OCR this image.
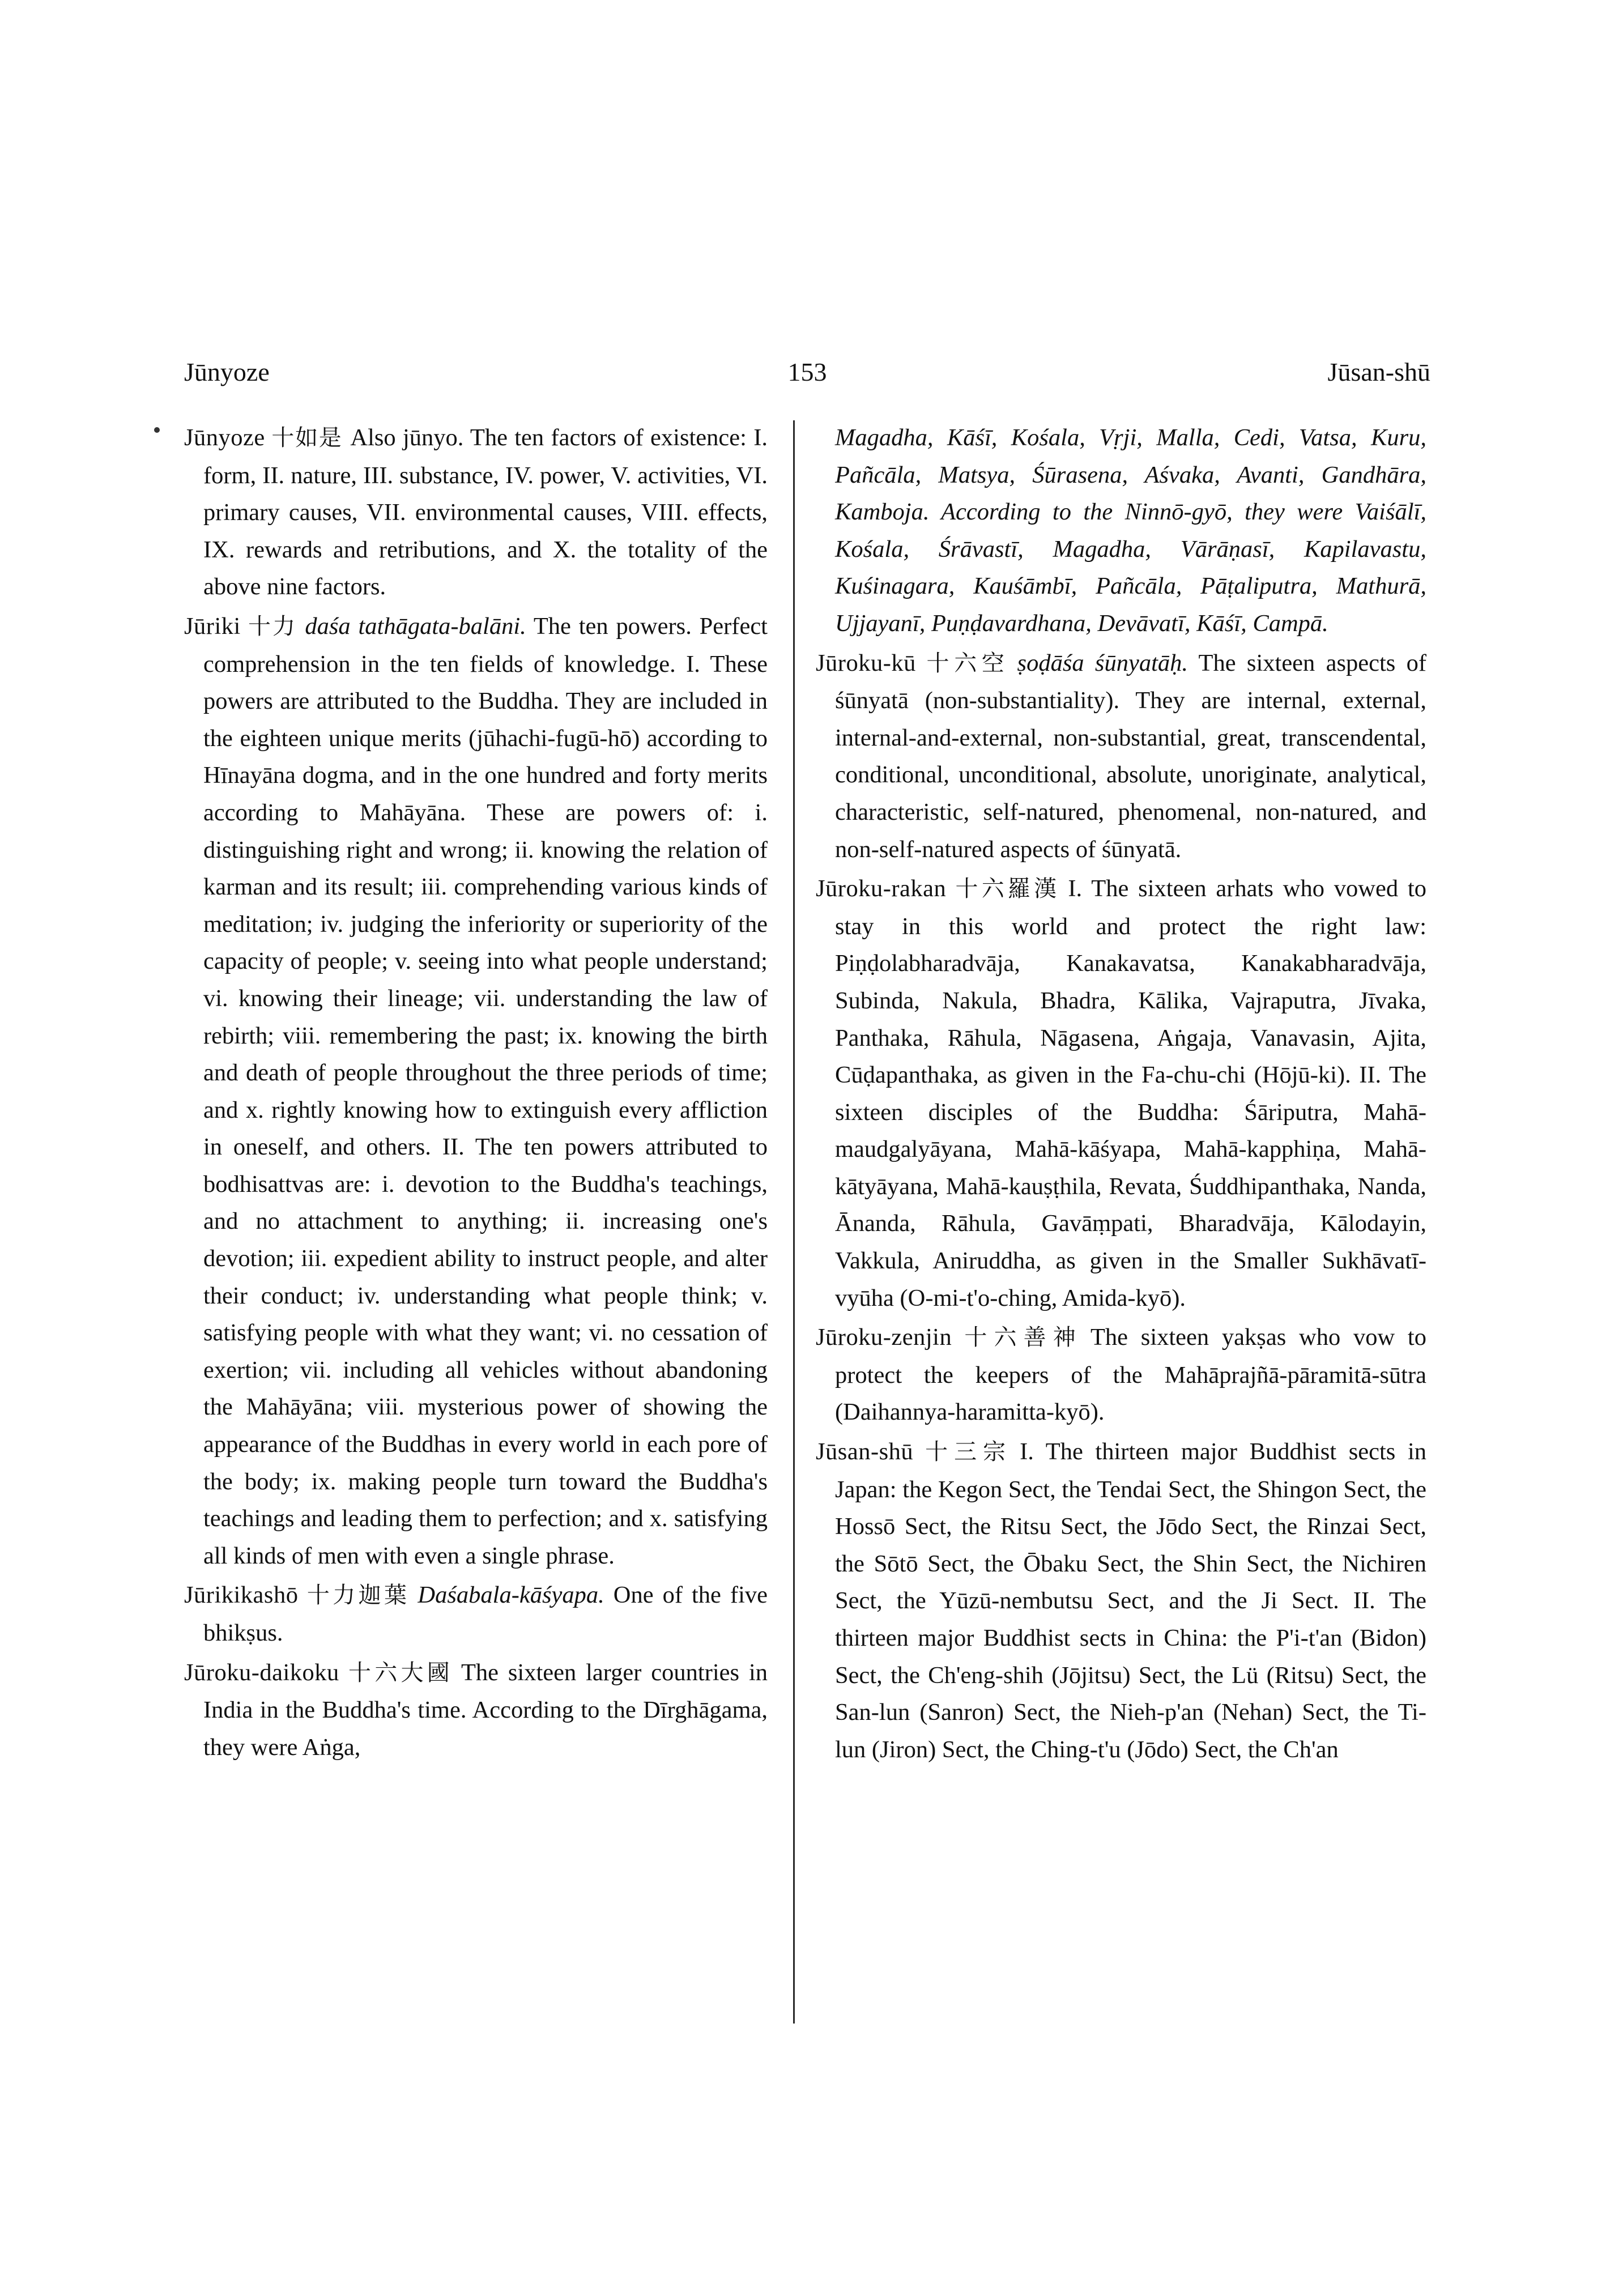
Jūnyoze	153	Jūsan-shū

Jūnyoze 十如是 Also jūnyo. The ten factors of existence: I. form, II. nature, III. substance, IV. power, V. activities, VI. primary causes, VII. environmental causes, VIII. effects, IX. rewards and retributions, and X. the totality of the above nine factors.

Jūriki 十力 daśa tathāgata-balāni. The ten powers. Perfect comprehension in the ten fields of knowledge. I. These powers are attributed to the Buddha. They are included in the eighteen unique merits (jūhachi-fugū-hō) according to Hīnayāna dogma, and in the one hundred and forty merits according to Mahāyāna. These are powers of: i. distinguishing right and wrong; ii. knowing the relation of karman and its result; iii. comprehending various kinds of meditation; iv. judging the inferiority or superiority of the capacity of people; v. seeing into what people understand; vi. knowing their lineage; vii. understanding the law of rebirth; viii. remembering the past; ix. knowing the birth and death of people throughout the three periods of time; and x. rightly knowing how to extinguish every affliction in oneself, and others. II. The ten powers attributed to bodhisattvas are: i. devotion to the Buddha's teachings, and no attachment to anything; ii. increasing one's devotion; iii. expedient ability to instruct people, and alter their conduct; iv. understanding what people think; v. satisfying people with what they want; vi. no cessation of exertion; vii. including all vehicles without abandoning the Mahāyāna; viii. mysterious power of showing the appearance of the Buddhas in every world in each pore of the body; ix. making people turn toward the Buddha's teachings and leading them to perfection; and x. satisfying all kinds of men with even a single phrase.

Jūrikikashō 十力迦葉 Daśabala-kāśyapa. One of the five bhikṣus.

Jūroku-daikoku 十六大國 The sixteen larger countries in India in the Buddha's time. According to the Dīrghāgama, they were Aṅga,

Magadha, Kāśī, Kośala, Vṛji, Malla, Cedi, Vatsa, Kuru, Pañcāla, Matsya, Śūrasena, Aśvaka, Avanti, Gandhāra, Kamboja. According to the Ninnō-gyō, they were Vaiśālī, Kośala, Śrāvastī, Magadha, Vārāṇasī, Kapilavastu, Kuśinagara, Kauśāmbī, Pañcāla, Pāṭaliputra, Mathurā, Ujjayanī, Puṇḍavardhana, Devāvatī, Kāśī, Campā.

Jūroku-kū 十六空 ṣoḍāśa śūnyatāḥ. The sixteen aspects of śūnyatā (non-substantiality). They are internal, external, internal-and-external, non-substantial, great, transcendental, conditional, unconditional, absolute, unoriginate, analytical, characteristic, self-natured, phenomenal, non-natured, and non-self-natured aspects of śūnyatā.

Jūroku-rakan 十六羅漢 I. The sixteen arhats who vowed to stay in this world and protect the right law: Piṇḍolabharadvāja, Kanakavatsa, Kanakabharadvāja, Subinda, Nakula, Bhadra, Kālika, Vajraputra, Jīvaka, Panthaka, Rāhula, Nāgasena, Aṅgaja, Vanavasin, Ajita, Cūḍapanthaka, as given in the Fa-chu-chi (Hōjū-ki). II. The sixteen disciples of the Buddha: Śāriputra, Mahā-maudgalyāyana, Mahā-kāśyapa, Mahā-kapphiṇa, Mahā-kātyāyana, Mahā-kauṣṭhila, Revata, Śuddhipanthaka, Nanda, Ānanda, Rāhula, Gavāṃpati, Bharadvāja, Kālodayin, Vakkula, Aniruddha, as given in the Smaller Sukhāvatī-vyūha (O-mi-t'o-ching, Amida-kyō).

Jūroku-zenjin 十六善神 The sixteen yakṣas who vow to protect the keepers of the Mahāprajñā-pāramitā-sūtra (Daihannya-haramitta-kyō).

Jūsan-shū 十三宗 I. The thirteen major Buddhist sects in Japan: the Kegon Sect, the Tendai Sect, the Shingon Sect, the Hossō Sect, the Ritsu Sect, the Jōdo Sect, the Rinzai Sect, the Sōtō Sect, the Ōbaku Sect, the Shin Sect, the Nichiren Sect, the Yūzū-nembutsu Sect, and the Ji Sect. II. The thirteen major Buddhist sects in China: the P'i-t'an (Bidon) Sect, the Ch'eng-shih (Jōjitsu) Sect, the Lü (Ritsu) Sect, the San-lun (Sanron) Sect, the Nieh-p'an (Nehan) Sect, the Ti-lun (Jiron) Sect, the Ching-t'u (Jōdo) Sect, the Ch'an
